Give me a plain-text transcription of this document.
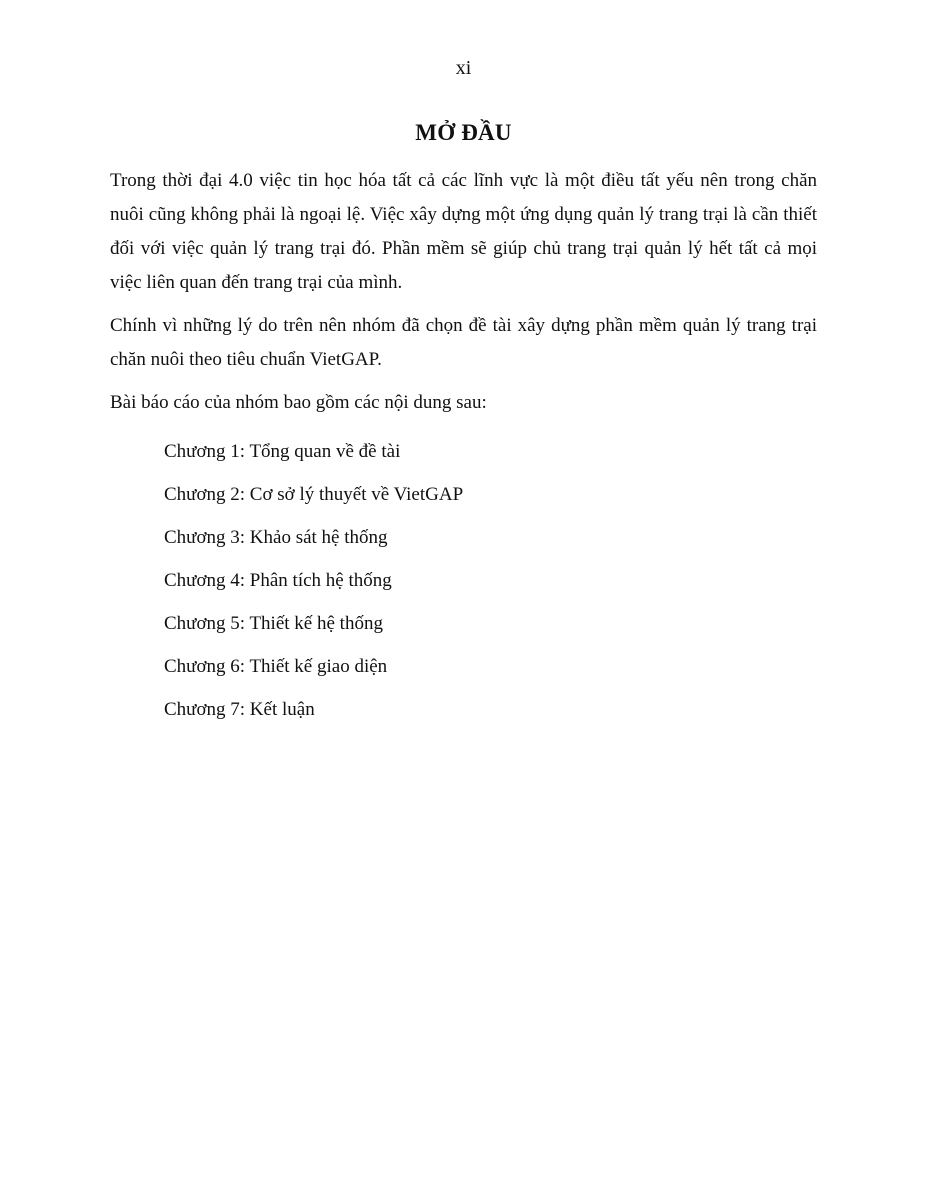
xi
MỞ ĐẦU

Trong thời đại 4.0 việc tin học hóa tất cả các lĩnh vực là một điều tất yếu nên trong chăn nuôi cũng không phải là ngoại lệ. Việc xây dựng một ứng dụng quản lý trang trại là cần thiết đối với việc quản lý trang trại đó. Phần mềm sẽ giúp chủ trang trại quản lý hết tất cả mọi việc liên quan đến trang trại của mình.

Chính vì những lý do trên nên nhóm đã chọn đề tài xây dựng phần mềm quản lý trang trại chăn nuôi theo tiêu chuẩn VietGAP.

Bài báo cáo của nhóm bao gồm các nội dung sau:

Chương 1: Tổng quan về đề tài
Chương 2: Cơ sở lý thuyết về VietGAP
Chương 3: Khảo sát hệ thống
Chương 4: Phân tích hệ thống
Chương 5: Thiết kế hệ thống
Chương 6: Thiết kế giao diện
Chương 7: Kết luận
